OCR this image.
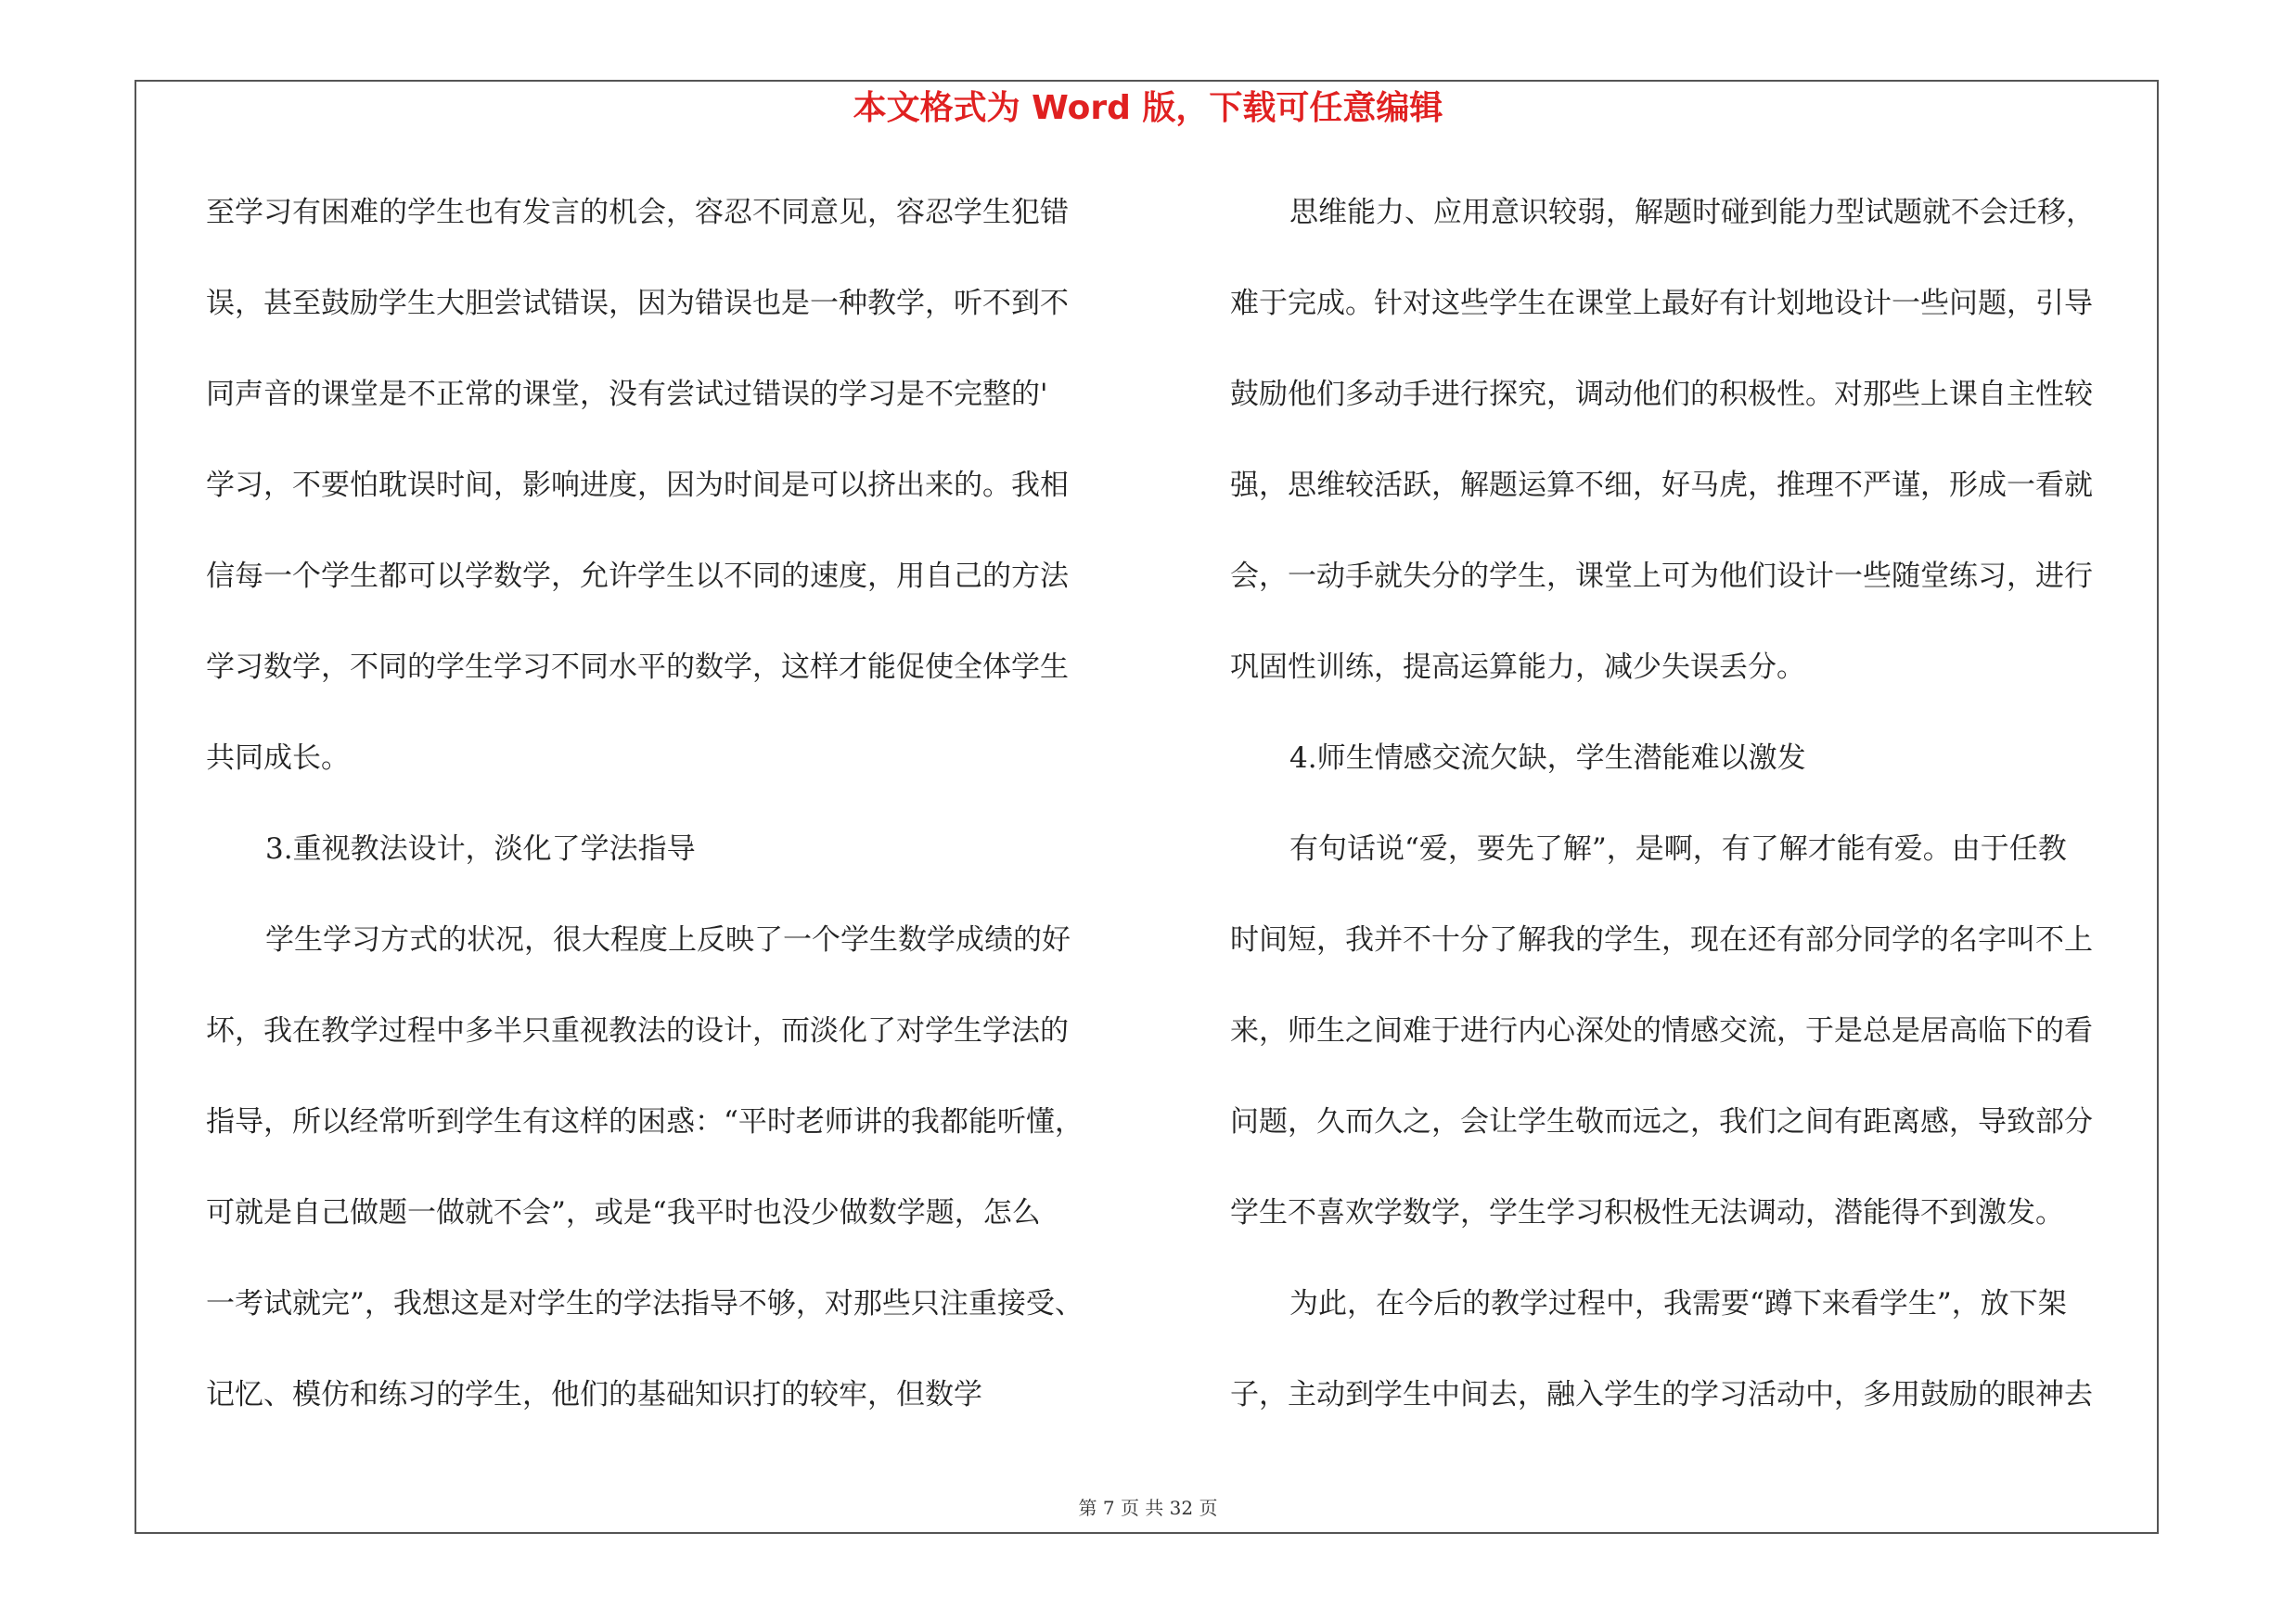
本文格式为 Word 版，下载可任意编辑
至学习有困难的学生也有发言的机会，容忍不同意见，容忍学生犯错
误，甚至鼓励学生大胆尝试错误，因为错误也是一种教学，听不到不
同声音的课堂是不正常的课堂，没有尝试过错误的学习是不完整的'
学习，不要怕耽误时间，影响进度，因为时间是可以挤出来的。我相
信每一个学生都可以学数学，允许学生以不同的速度，用自己的方法
学习数学，不同的学生学习不同水平的数学，这样才能促使全体学生
共同成长。
3.重视教法设计，淡化了学法指导
学生学习方式的状况，很大程度上反映了一个学生数学成绩的好
坏，我在教学过程中多半只重视教法的设计，而淡化了对学生学法的
指导，所以经常听到学生有这样的困惑：“平时老师讲的我都能听懂，
可就是自己做题一做就不会”，或是“我平时也没少做数学题，怎么
一考试就完”，我想这是对学生的学法指导不够，对那些只注重接受、
记忆、模仿和练习的学生，他们的基础知识打的较牢，但数学
思维能力、应用意识较弱，解题时碰到能力型试题就不会迁移，
难于完成。针对这些学生在课堂上最好有计划地设计一些问题，引导
鼓励他们多动手进行探究，调动他们的积极性。对那些上课自主性较
强，思维较活跃，解题运算不细，好马虎，推理不严谨，形成一看就
会，一动手就失分的学生，课堂上可为他们设计一些随堂练习，进行
巩固性训练，提高运算能力，减少失误丢分。
4.师生情感交流欠缺，学生潜能难以激发
有句话说“爱，要先了解”，是啊，有了解才能有爱。由于任教
时间短，我并不十分了解我的学生，现在还有部分同学的名字叫不上
来，师生之间难于进行内心深处的情感交流，于是总是居高临下的看
问题，久而久之，会让学生敬而远之，我们之间有距离感，导致部分
学生不喜欢学数学，学生学习积极性无法调动，潜能得不到激发。
为此，在今后的教学过程中，我需要“蹲下来看学生”，放下架
子，主动到学生中间去，融入学生的学习活动中，多用鼓励的眼神去
第 7 页 共 32 页
